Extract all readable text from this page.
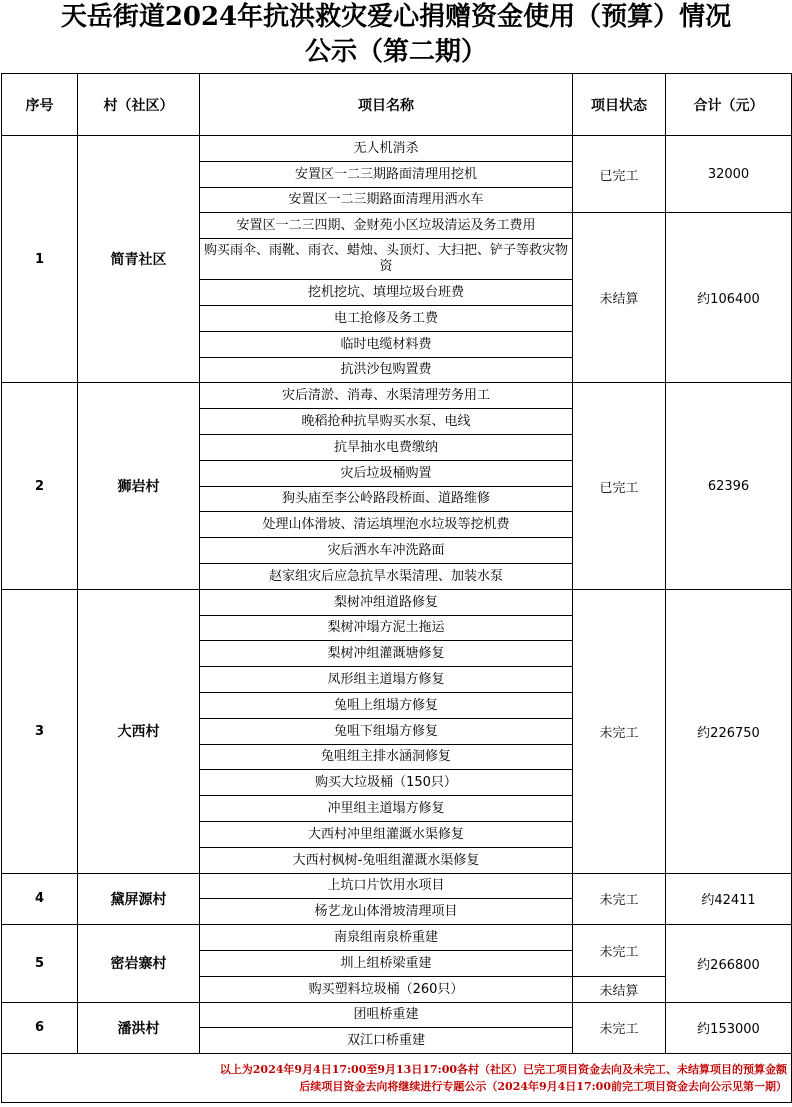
天岳街道2024年抗洪救灾爱心捐赠资金使用（预算）情况
公示（第二期）
序号	村（社区）	项目名称	项目状态	合计（元）
1	简青社区	无人机消杀	已完工	32000
		安置区一二三期路面清理用挖机		
		安置区一二三期路面清理用洒水车		
		安置区一二三四期、金财苑小区垃圾清运及务工费用	未结算	约106400
		购买雨伞、雨靴、雨衣、蜡烛、头顶灯、大扫把、铲子等救灾物资		
		挖机挖坑、填埋垃圾台班费		
		电工抢修及务工费		
		临时电缆材料费		
		抗洪沙包购置费		
2	狮岩村	灾后清淤、消毒、水渠清理劳务用工	已完工	62396
		晚稻抢种抗旱购买水泵、电线		
		抗旱抽水电费缴纳		
		灾后垃圾桶购置		
		狗头庙至李公岭路段桥面、道路维修		
		处理山体滑坡、清运填埋泡水垃圾等挖机费		
		灾后洒水车冲洗路面		
		赵家组灾后应急抗旱水渠清理、加装水泵		
3	大西村	梨树冲组道路修复	未完工	约226750
		梨树冲塌方泥土拖运		
		梨树冲组灌溉塘修复		
		凤形组主道塌方修复		
		兔咀上组塌方修复		
		兔咀下组塌方修复		
		兔咀组主排水涵洞修复		
		购买大垃圾桶（150只）		
		冲里组主道塌方修复		
		大西村冲里组灌溉水渠修复		
		大西村枫树-兔咀组灌溉水渠修复		
4	黛屏源村	上坑口片饮用水项目	未完工	约42411
		杨艺龙山体滑坡清理项目		
5	密岩寨村	南泉组南泉桥重建	未完工	约266800
		圳上组桥梁重建		
		购买塑料垃圾桶（260只）	未结算	
6	潘洪村	团咀桥重建	未完工	约153000
		双江口桥重建		

以上为2024年9月4日17:00至9月13日17:00各村（社区）已完工项目资金去向及未完工、未结算项目的预算金额
后续项目资金去向将继续进行专题公示（2024年9月4日17:00前完工项目资金去向公示见第一期）				
